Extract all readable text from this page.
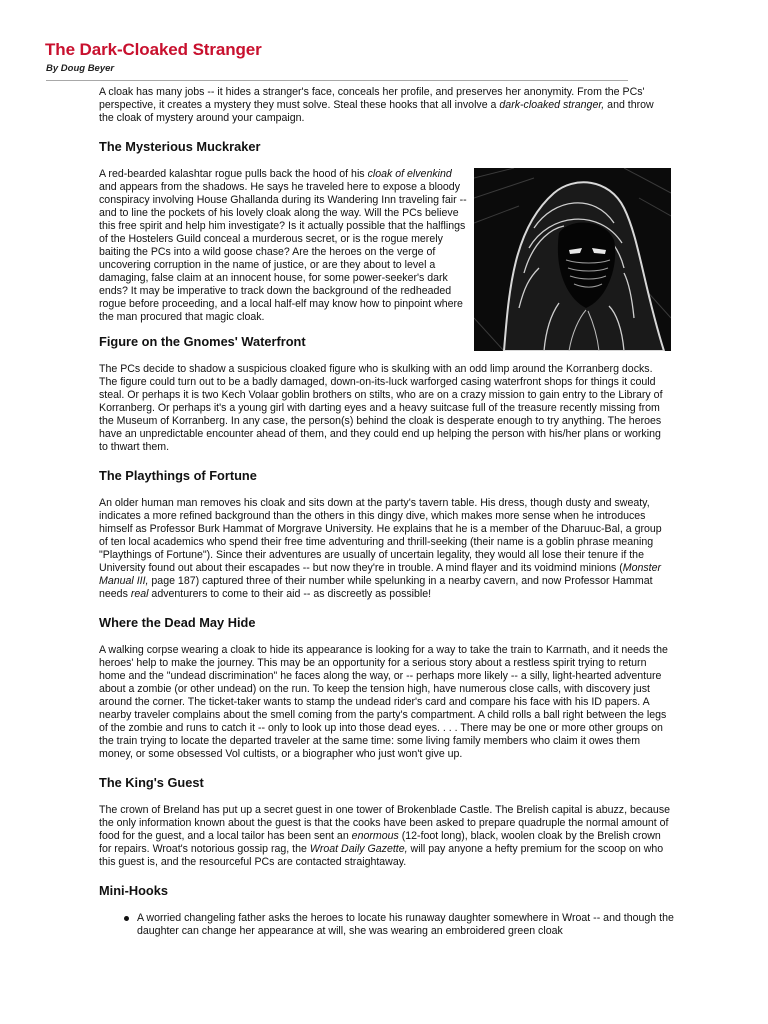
The Dark-Cloaked Stranger
By Doug Beyer

A cloak has many jobs -- it hides a stranger's face, conceals her profile, and preserves her anonymity. From the PCs' perspective, it creates a mystery they must solve. Steal these hooks that all involve a dark-cloaked stranger, and throw the cloak of mystery around your campaign.

The Mysterious Muckraker

A red-bearded kalashtar rogue pulls back the hood of his cloak of elvenkind and appears from the shadows. He says he traveled here to expose a bloody conspiracy involving House Ghallanda during its Wandering Inn traveling fair -- and to line the pockets of his lovely cloak along the way. Will the PCs believe this free spirit and help him investigate? Is it actually possible that the halflings of the Hostelers Guild conceal a murderous secret, or is the rogue merely baiting the PCs into a wild goose chase? Are the heroes on the verge of uncovering corruption in the name of justice, or are they about to level a damaging, false claim at an innocent house, for some power-seeker's dark ends? It may be imperative to track down the background of the redheaded rogue before proceeding, and a local half-elf may know how to pinpoint where the man procured that magic cloak.

Figure on the Gnomes' Waterfront

The PCs decide to shadow a suspicious cloaked figure who is skulking with an odd limp around the Korranberg docks. The figure could turn out to be a badly damaged, down-on-its-luck warforged casing waterfront shops for things it could steal. Or perhaps it is two Kech Volaar goblin brothers on stilts, who are on a crazy mission to gain entry to the Library of Korranberg. Or perhaps it's a young girl with darting eyes and a heavy suitcase full of the treasure recently missing from the Museum of Korranberg. In any case, the person(s) behind the cloak is desperate enough to try anything. The heroes have an unpredictable encounter ahead of them, and they could end up helping the person with his/her plans or working to thwart them.

The Playthings of Fortune

An older human man removes his cloak and sits down at the party's tavern table. His dress, though dusty and sweaty, indicates a more refined background than the others in this dingy dive, which makes more sense when he introduces himself as Professor Burk Hammat of Morgrave University. He explains that he is a member of the Dharuuc-Bal, a group of ten local academics who spend their free time adventuring and thrill-seeking (their name is a goblin phrase meaning "Playthings of Fortune"). Since their adventures are usually of uncertain legality, they would all lose their tenure if the University found out about their escapades -- but now they're in trouble. A mind flayer and its voidmind minions (Monster Manual III, page 187) captured three of their number while spelunking in a nearby cavern, and now Professor Hammat needs real adventurers to come to their aid -- as discreetly as possible!

Where the Dead May Hide

A walking corpse wearing a cloak to hide its appearance is looking for a way to take the train to Karrnath, and it needs the heroes' help to make the journey. This may be an opportunity for a serious story about a restless spirit trying to return home and the "undead discrimination" he faces along the way, or -- perhaps more likely -- a silly, light-hearted adventure about a zombie (or other undead) on the run. To keep the tension high, have numerous close calls, with discovery just around the corner. The ticket-taker wants to stamp the undead rider's card and compare his face with his ID papers. A nearby traveler complains about the smell coming from the party's compartment. A child rolls a ball right between the legs of the zombie and runs to catch it -- only to look up into those dead eyes. . . . There may be one or more other groups on the train trying to locate the departed traveler at the same time: some living family members who claim it owes them money, or some obsessed Vol cultists, or a biographer who just won't give up.

The King's Guest

The crown of Breland has put up a secret guest in one tower of Brokenblade Castle. The Brelish capital is abuzz, because the only information known about the guest is that the cooks have been asked to prepare quadruple the normal amount of food for the guest, and a local tailor has been sent an enormous (12-foot long), black, woolen cloak by the Brelish crown for repairs. Wroat's notorious gossip rag, the Wroat Daily Gazette, will pay anyone a hefty premium for the scoop on who this guest is, and the resourceful PCs are contacted straightaway.

Mini-Hooks
A worried changeling father asks the heroes to locate his runaway daughter somewhere in Wroat -- and though the daughter can change her appearance at will, she was wearing an embroidered green cloak
